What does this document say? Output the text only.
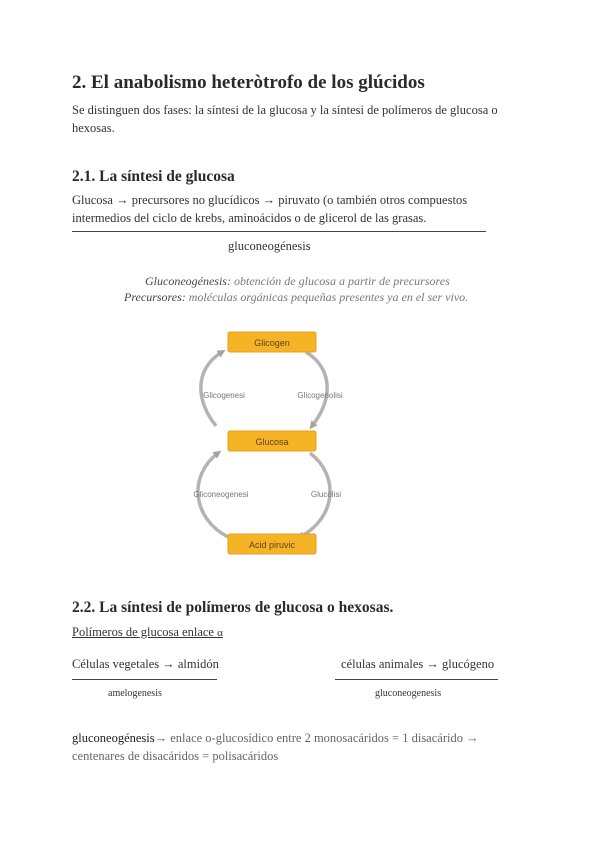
2. El anabolismo heteròtrofo de los glúcidos
Se distinguen dos fases: la síntesi de la glucosa y la síntesi de polímeros de glucosa o hexosas.
2.1. La síntesi de glucosa
Glucosa → precursores no glucídicos → piruvato (o también otros compuestos intermedios del ciclo de krebs, aminoácidos o de glicerol de las grasas.
gluconeogénesis
Gluconeogénesis: obtención de glucosa a partir de precursores
Precursores: moléculas orgánicas pequeñas presentes ya en el ser vivo.
Glicogen
Glucosa
Acid piruvic
Glicogenesi	Glicogenolisi
Gliconeogenesi	Glucòlisi
2.2. La síntesi de polímeros de glucosa o hexosas.
Polímeros de glucosa enlace α
Células vegetales → almidón	células animales → glucógeno
amelogenesis	gluconeogenesis
gluconeogénesis→ enlace o-glucosídico entre 2 monosacáridos = 1 disacárido → centenares de disacáridos = polisacáridos
